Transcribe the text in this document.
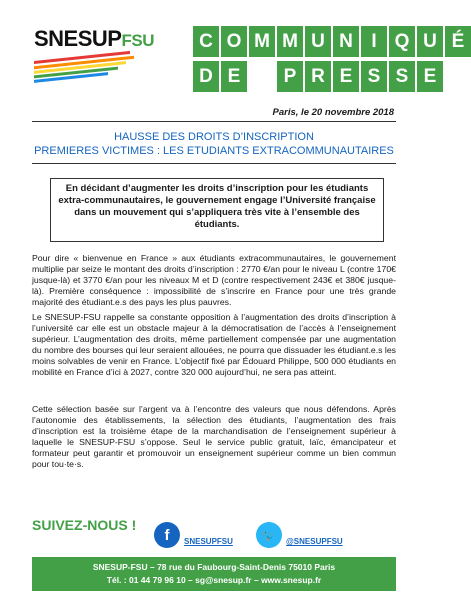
SNESUPFSU	C O M M U N I Q U É
D E	P R E S S E
Paris, le 20 novembre 2018
HAUSSE DES DROITS D’INSCRIPTION
PREMIERES VICTIMES : LES ETUDIANTS EXTRACOMMUNAUTAIRES
En décidant d’augmenter les droits d’inscription pour les étudiants extra-communautaires, le gouvernement engage l’Université française dans un mouvement qui s’appliquera très vite à l’ensemble des étudiants.

Pour dire « bienvenue en France » aux étudiants extracommunautaires, le gouvernement multiplie par seize le montant des droits d’inscription : 2770 €/an pour le niveau L (contre 170€ jusque-là) et 3770 €/an pour les niveaux M et D (contre respectivement 243€ et 380€ jusque-là). Première conséquence : impossibilité de s’inscrire en France pour une très grande majorité des étudiant.e.s des pays les plus pauvres.

Le SNESUP-FSU rappelle sa constante opposition à l’augmentation des droits d’inscription à l’université car elle est un obstacle majeur à la démocratisation de l’accès à l’enseignement supérieur. L’augmentation des droits, même partiellement compensée par une augmentation du nombre des bourses qui leur seraient allouées, ne pourra que dissuader les étudiant.e.s les moins solvables de venir en France. L’objectif fixé par Édouard Philippe, 500 000 étudiants en mobilité en France d’ici à 2027, contre 320 000 aujourd’hui, ne sera pas atteint.

Cette sélection basée sur l’argent va à l’encontre des valeurs que nous défendons. Après l’autonomie des établissements, la sélection des étudiants, l’augmentation des frais d’inscription est la troisième étape de la marchandisation de l’enseignement supérieur à laquelle le SNESUP-FSU s’oppose. Seul le service public gratuit, laïc, émancipateur et formateur peut garantir et promouvoir un enseignement supérieur comme un bien commun pour tou·te·s.

SUIVEZ-NOUS !
f	SNESUPFSU	🐦	@SNESUPFSU
SNESUP-FSU – 78 rue du Faubourg-Saint-Denis 75010 Paris
Tél. : 01 44 79 96 10 – sg@snesup.fr – www.snesup.fr
